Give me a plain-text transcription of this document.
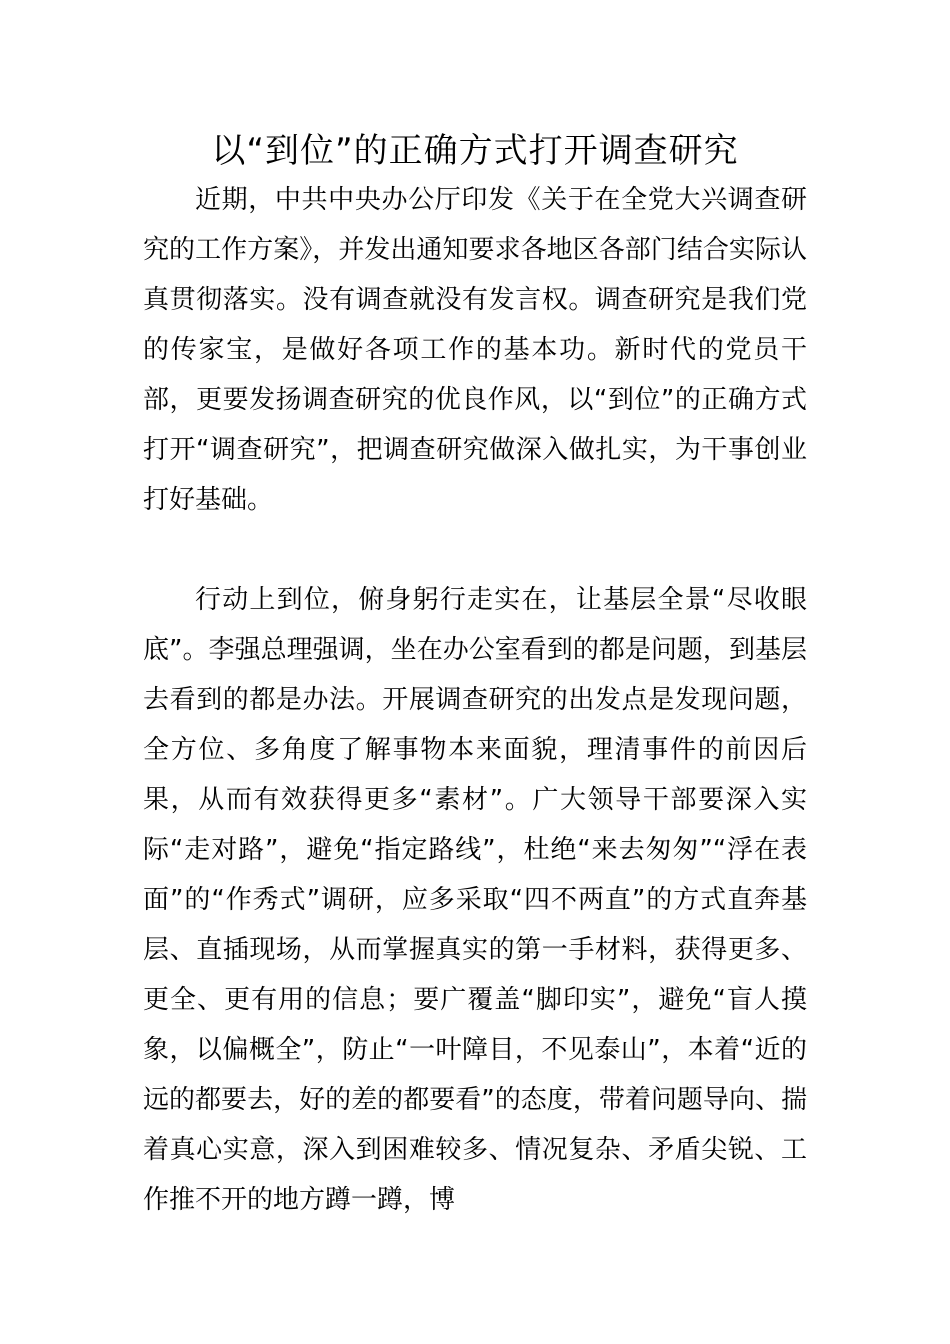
以“到位”的正确方式打开调查研究
近期，中共中央办公厅印发《关于在全党大兴调查研究的工作方案》，并发出通知要求各地区各部门结合实际认真贯彻落实。没有调查就没有发言权。调查研究是我们党的传家宝，是做好各项工作的基本功。新时代的党员干部，更要发扬调查研究的优良作风，以“到位”的正确方式打开“调查研究”，把调查研究做深入做扎实，为干事创业打好基础。
行动上到位，俯身躬行走实在，让基层全景“尽收眼底”。李强总理强调，坐在办公室看到的都是问题，到基层去看到的都是办法。开展调查研究的出发点是发现问题，全方位、多角度了解事物本来面貌，理清事件的前因后果，从而有效获得更多“素材”。广大领导干部要深入实际“走对路”，避免“指定路线”，杜绝“来去匆匆”“浮在表面”的“作秀式”调研，应多采取“四不两直”的方式直奔基层、直插现场，从而掌握真实的第一手材料，获得更多、更全、更有用的信息；要广覆盖“脚印实”，避免“盲人摸象，以偏概全”，防止“一叶障目，不见泰山”，本着“近的远的都要去，好的差的都要看”的态度，带着问题导向、揣着真心实意，深入到困难较多、情况复杂、矛盾尖锐、工作推不开的地方蹲一蹲，博
